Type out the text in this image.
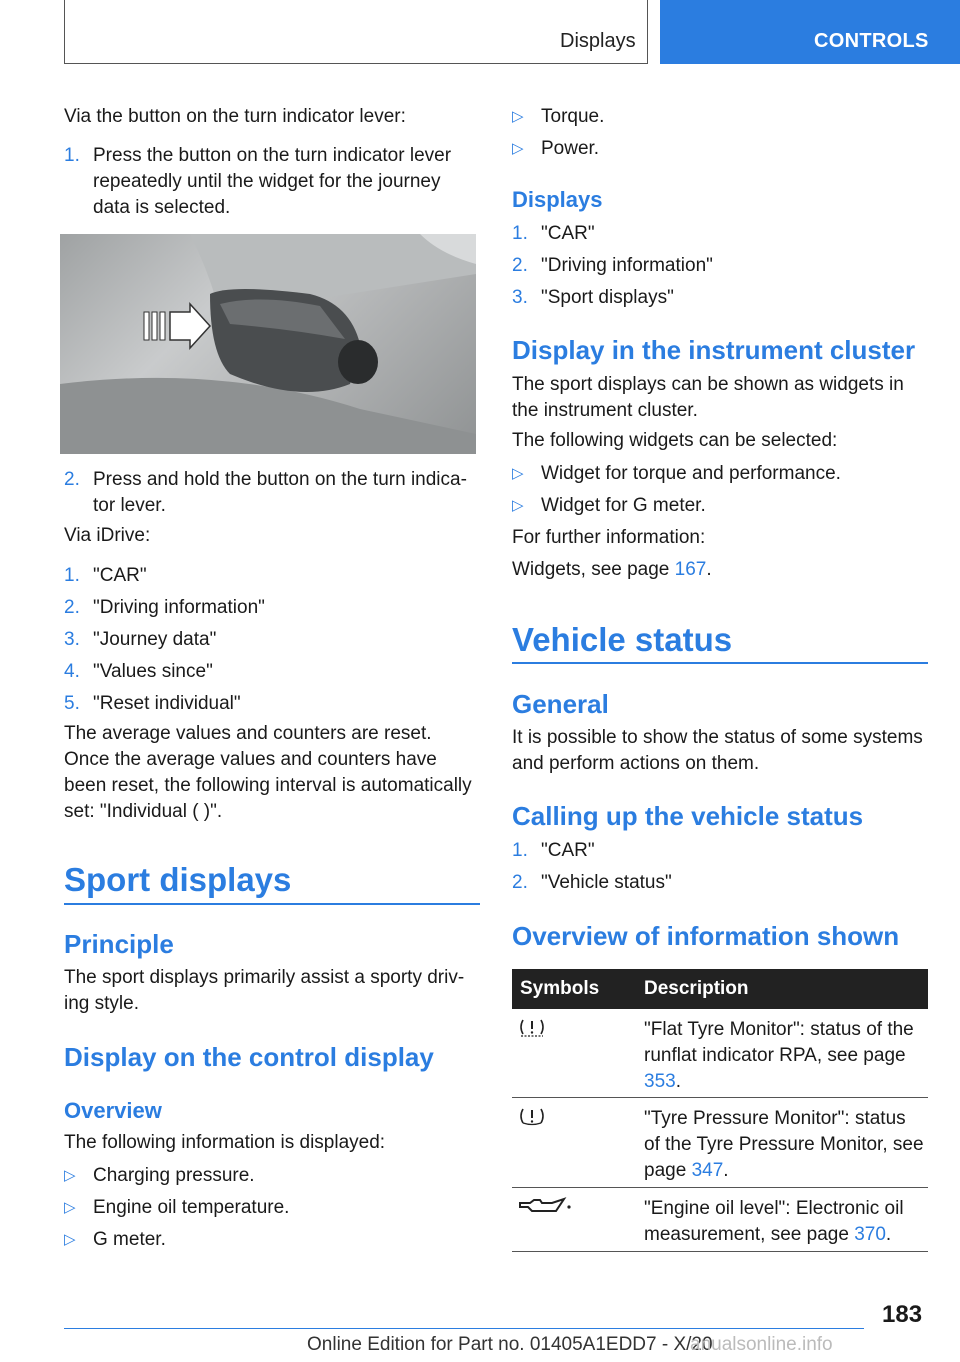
Displays	CONTROLS
Via the button on the turn indicator lever:
1. Press the button on the turn indicator lever repeatedly until the widget for the journey data is selected.
2. Press and hold the button on the turn indica-tor lever.
Via iDrive:
1. "CAR"
2. "Driving information"
3. "Journey data"
4. "Values since"
5. "Reset individual"
The average values and counters are reset. Once the average values and counters have been reset, the following interval is automatically set: "Individual ( )".
Sport displays
Principle
The sport displays primarily assist a sporty driv-ing style.
Display on the control display
Overview
The following information is displayed:
▷ Charging pressure.
▷ Engine oil temperature.
▷ G meter.
▷ Torque.
▷ Power.
Displays
1. "CAR"
2. "Driving information"
3. "Sport displays"
Display in the instrument cluster
The sport displays can be shown as widgets in the instrument cluster.
The following widgets can be selected:
▷ Widget for torque and performance.
▷ Widget for G meter.
For further information:
Widgets, see page 167.
Vehicle status
General
It is possible to show the status of some systems and perform actions on them.
Calling up the vehicle status
1. "CAR"
2. "Vehicle status"
Overview of information shown
Symbols Description
"Flat Tyre Monitor": status of the runflat indicator RPA, see page 353.
"Tyre Pressure Monitor": status of the Tyre Pressure Monitor, see page 347.
"Engine oil level": Electronic oil measurement, see page 370.
183
Online Edition for Part no. 01405A1EDD7 - X/20
anualsonline.info
